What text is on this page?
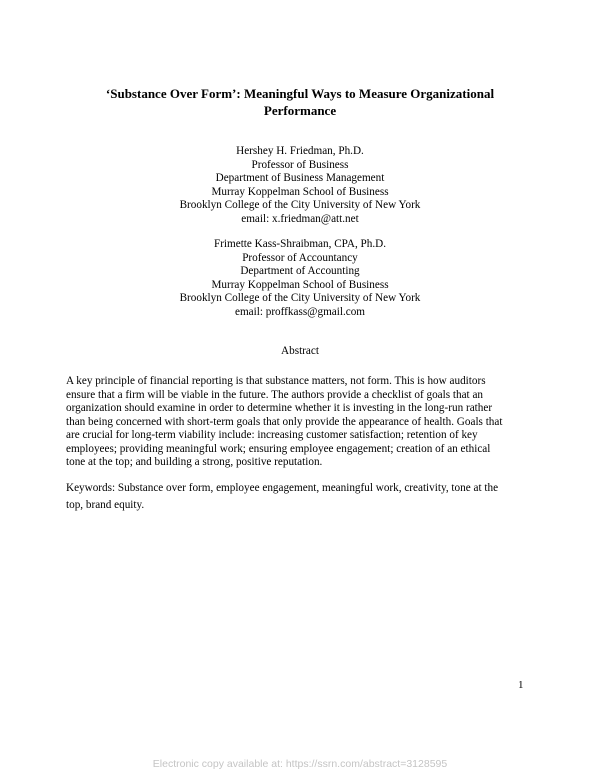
‘Substance Over Form’: Meaningful Ways to Measure Organizational
Performance
Hershey H. Friedman, Ph.D.
Professor of Business
Department of Business Management
Murray Koppelman School of Business
Brooklyn College of the City University of New York
email: x.friedman@att.net
Frimette Kass-Shraibman, CPA, Ph.D.
Professor of Accountancy
Department of Accounting
Murray Koppelman School of Business
Brooklyn College of the City University of New York
email: proffkass@gmail.com
Abstract
A key principle of financial reporting is that substance matters, not form. This is how auditors
ensure that a firm will be viable in the future. The authors provide a checklist of goals that an
organization should examine in order to determine whether it is investing in the long-run rather
than being concerned with short-term goals that only provide the appearance of health. Goals that
are crucial for long-term viability include: increasing customer satisfaction; retention of key
employees; providing meaningful work; ensuring employee engagement; creation of an ethical
tone at the top; and building a strong, positive reputation.
Keywords: Substance over form, employee engagement, meaningful work, creativity, tone at the
top, brand equity.
1
Electronic copy available at: https://ssrn.com/abstract=3128595
